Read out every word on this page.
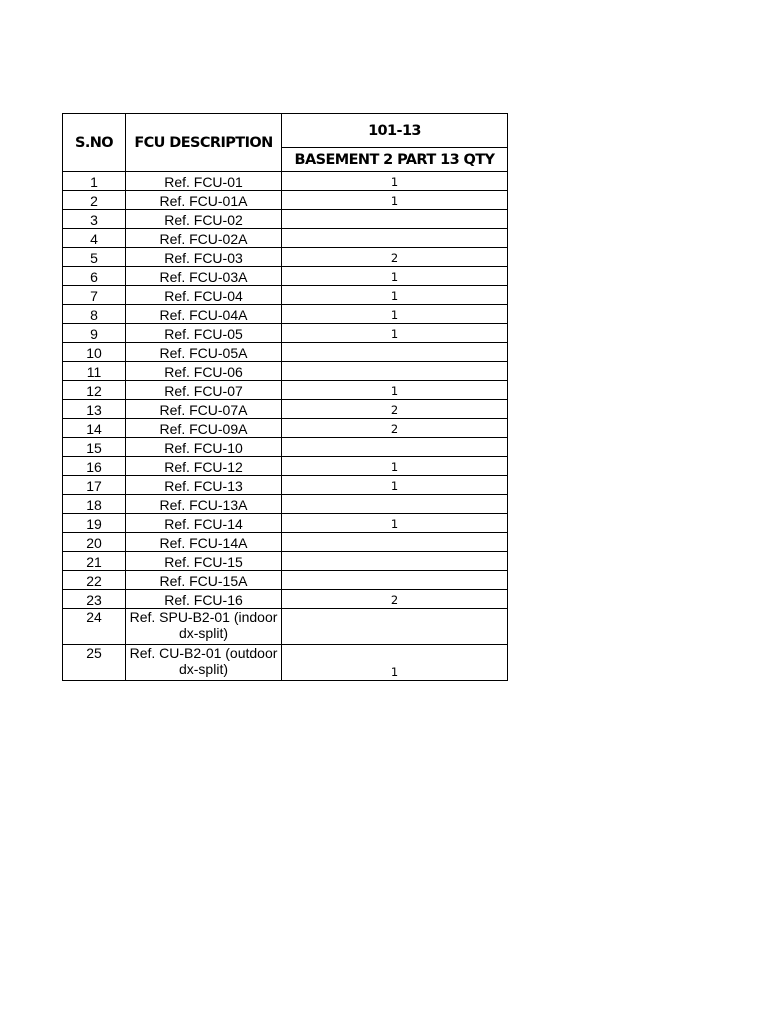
S.NO	FCU DESCRIPTION	101-13
		BASEMENT 2 PART 13 QTY
1	Ref. FCU-01	1
2	Ref. FCU-01A	1
3	Ref. FCU-02	
4	Ref. FCU-02A	
5	Ref. FCU-03	2
6	Ref. FCU-03A	1
7	Ref. FCU-04	1
8	Ref. FCU-04A	1
9	Ref. FCU-05	1
10	Ref. FCU-05A	
11	Ref. FCU-06	
12	Ref. FCU-07	1
13	Ref. FCU-07A	2
14	Ref. FCU-09A	2
15	Ref. FCU-10	
16	Ref. FCU-12	1
17	Ref. FCU-13	1
18	Ref. FCU-13A	
19	Ref. FCU-14	1
20	Ref. FCU-14A	
21	Ref. FCU-15	
22	Ref. FCU-15A	
23	Ref. FCU-16	2
24	Ref. SPU-B2-01 (indoor dx-split)	
25	Ref. CU-B2-01 (outdoor dx-split)	1
